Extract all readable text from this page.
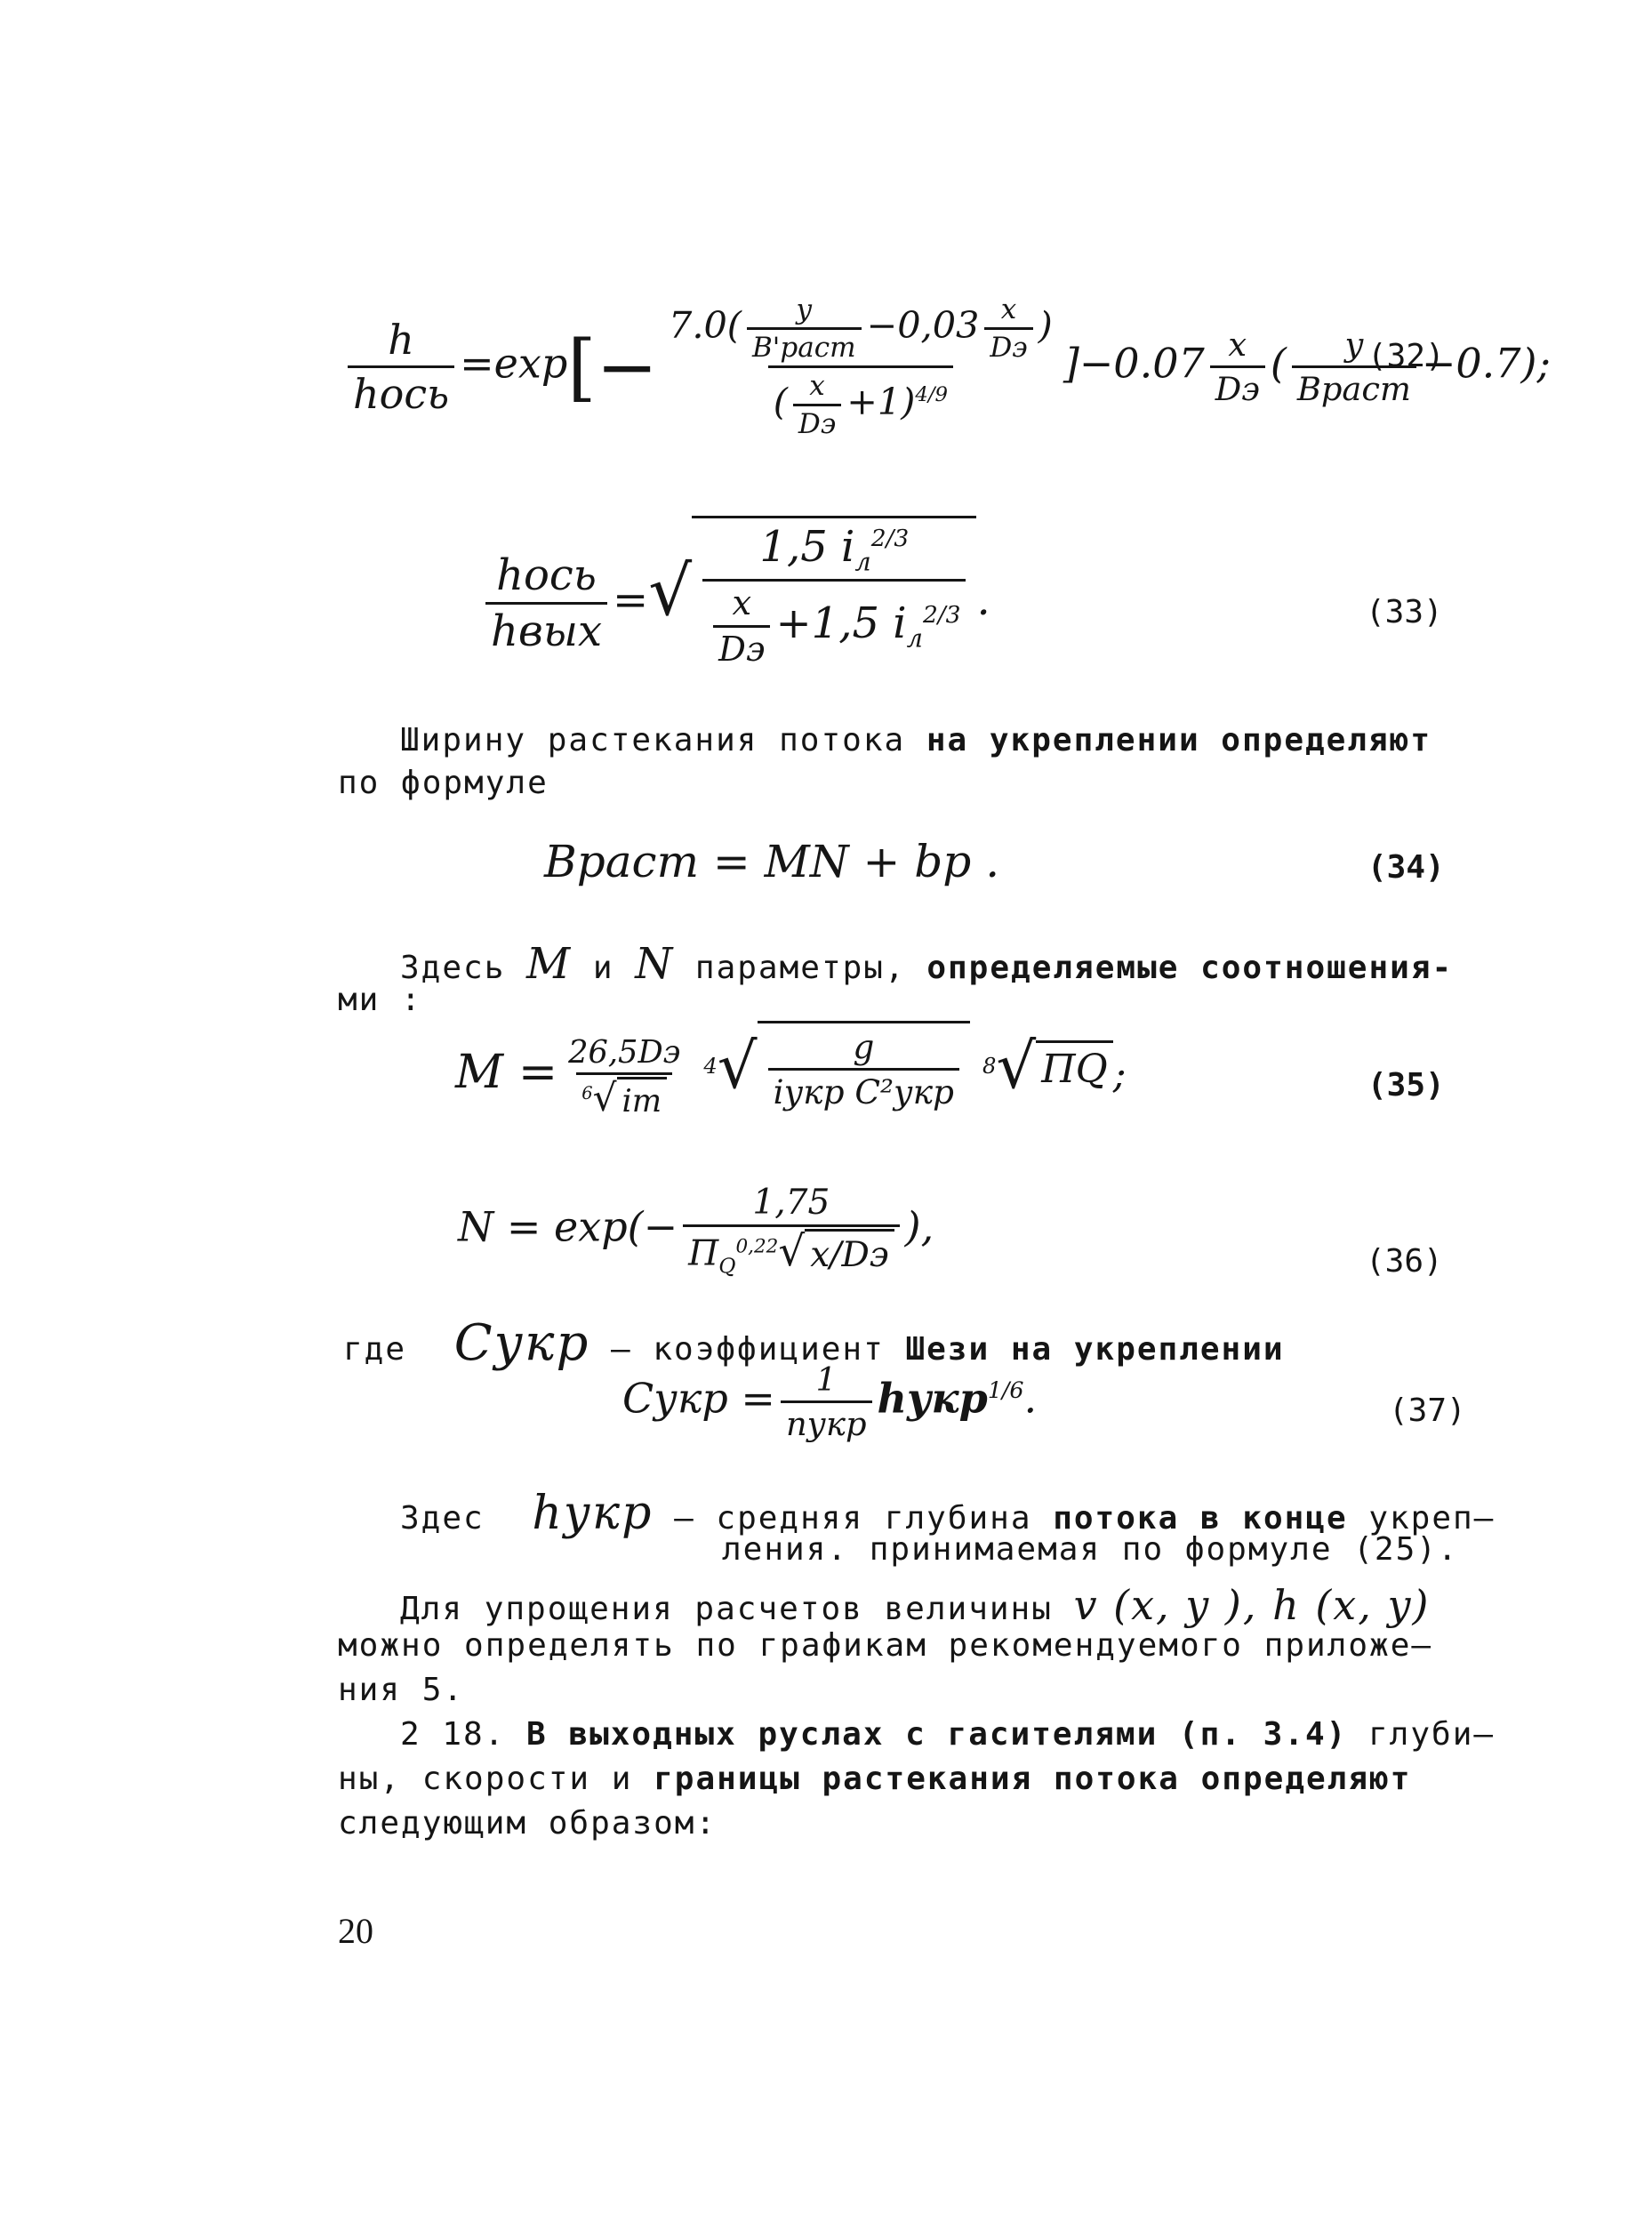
$\frac{h}{\text{hось}} =\exp[- \frac{7.0( \frac{y}{\text{B'раст}} -0,03 \frac{x}{Dэ} )}{( \frac{x}{Dэ} +1)^{4/9}} ]-0.07 \frac{x}{Dэ}$ ( $\frac{y}{\text{Bраст}} -0.7$);
(32)
$\frac{\text{hось}}{\text{hвых}}$ = √ $\frac{1,5 i_л^{2/3}}{\frac{x}{Dэ} +1,5 i_л^{2/3}}$ .	(33)
Ширину растекания потока на укреплении определяют
по формуле
Bраст = MN + bр .	(34)
Здесь M и N параметры, определяемые соотношения-
ми :
$M = \frac{26,5Dэ}{^6 √ iт} ^4$ √ $\frac{g}{\text{iукр C²укр}} ^8$ √ ПQ ;	(35)
$N = \exp(- \frac{1,75}{П_Q^{0,22} √ x/Dэ}$ ),
(36)
где Cукр – коэффициент Шези на укреплении
Cукр = $\frac{1}{\text{nукр}}$ hукр$^{1/6}$.	(37)
Здес hукр – средняя глубина потока в конце укреп–
ления. принимаемая по формуле (25).
Для упрощения расчетов величины v (x, y ), h (x, y)
можно определять по графикам рекомендуемого приложе–
ния 5.
2 18. В выходных руслах с гасителями (п. 3.4) глуби–
ны, скорости и границы растекания потока определяют
следующим образом:
20
